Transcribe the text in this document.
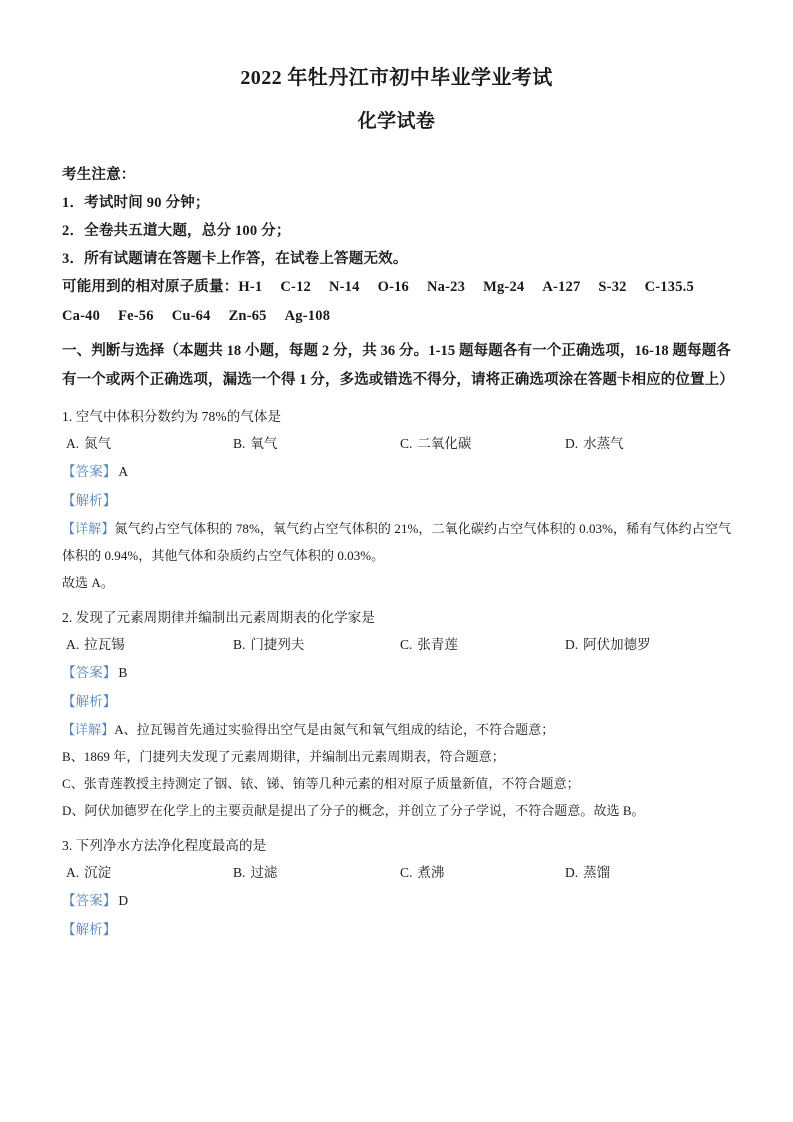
2022 年牡丹江市初中毕业学业考试
化学试卷
考生注意：
1．考试时间 90 分钟；
2．全卷共五道大题，总分 100 分；
3．所有试题请在答题卡上作答，在试卷上答题无效。
可能用到的相对原子质量：H-1 C-12 N-14 O-16 Na-23 Mg-24 A-127 S-32 C-135.5
Ca-40 Fe-56 Cu-64 Zn-65 Ag-108
一、判断与选择（本题共 18 小题，每题 2 分，共 36 分。1-15 题每题各有一个正确选项，16-18 题每题各有一个或两个正确选项，漏选一个得 1 分，多选或错选不得分，请将正确选项涂在答题卡相应的位置上）
1. 空气中体积分数约为 78%的气体是
A. 氮气	B. 氧气	C. 二氧化碳	D. 水蒸气
【答案】 A
【解析】
【详解】氮气约占空气体积的 78%，氧气约占空气体积的 21%，二氧化碳约占空气体积的 0.03%，稀有气体约占空气体积的 0.94%，其他气体和杂质约占空气体积的 0.03%。
故选 A。
2. 发现了元素周期律并编制出元素周期表的化学家是
A. 拉瓦锡	B. 门捷列夫	C. 张青莲	D. 阿伏加德罗
【答案】 B
【解析】
【详解】A、拉瓦锡首先通过实验得出空气是由氮气和氧气组成的结论，不符合题意；
B、1869 年，门捷列夫发现了元素周期律，并编制出元素周期表，符合题意；
C、张青莲教授主持测定了铟、铱、锑、铕等几种元素的相对原子质量新值，不符合题意；
D、阿伏加德罗在化学上的主要贡献是提出了分子的概念，并创立了分子学说，不符合题意。故选 B。
3. 下列净水方法净化程度最高的是
A. 沉淀	B. 过滤	C. 煮沸	D. 蒸馏
【答案】 D
【解析】
